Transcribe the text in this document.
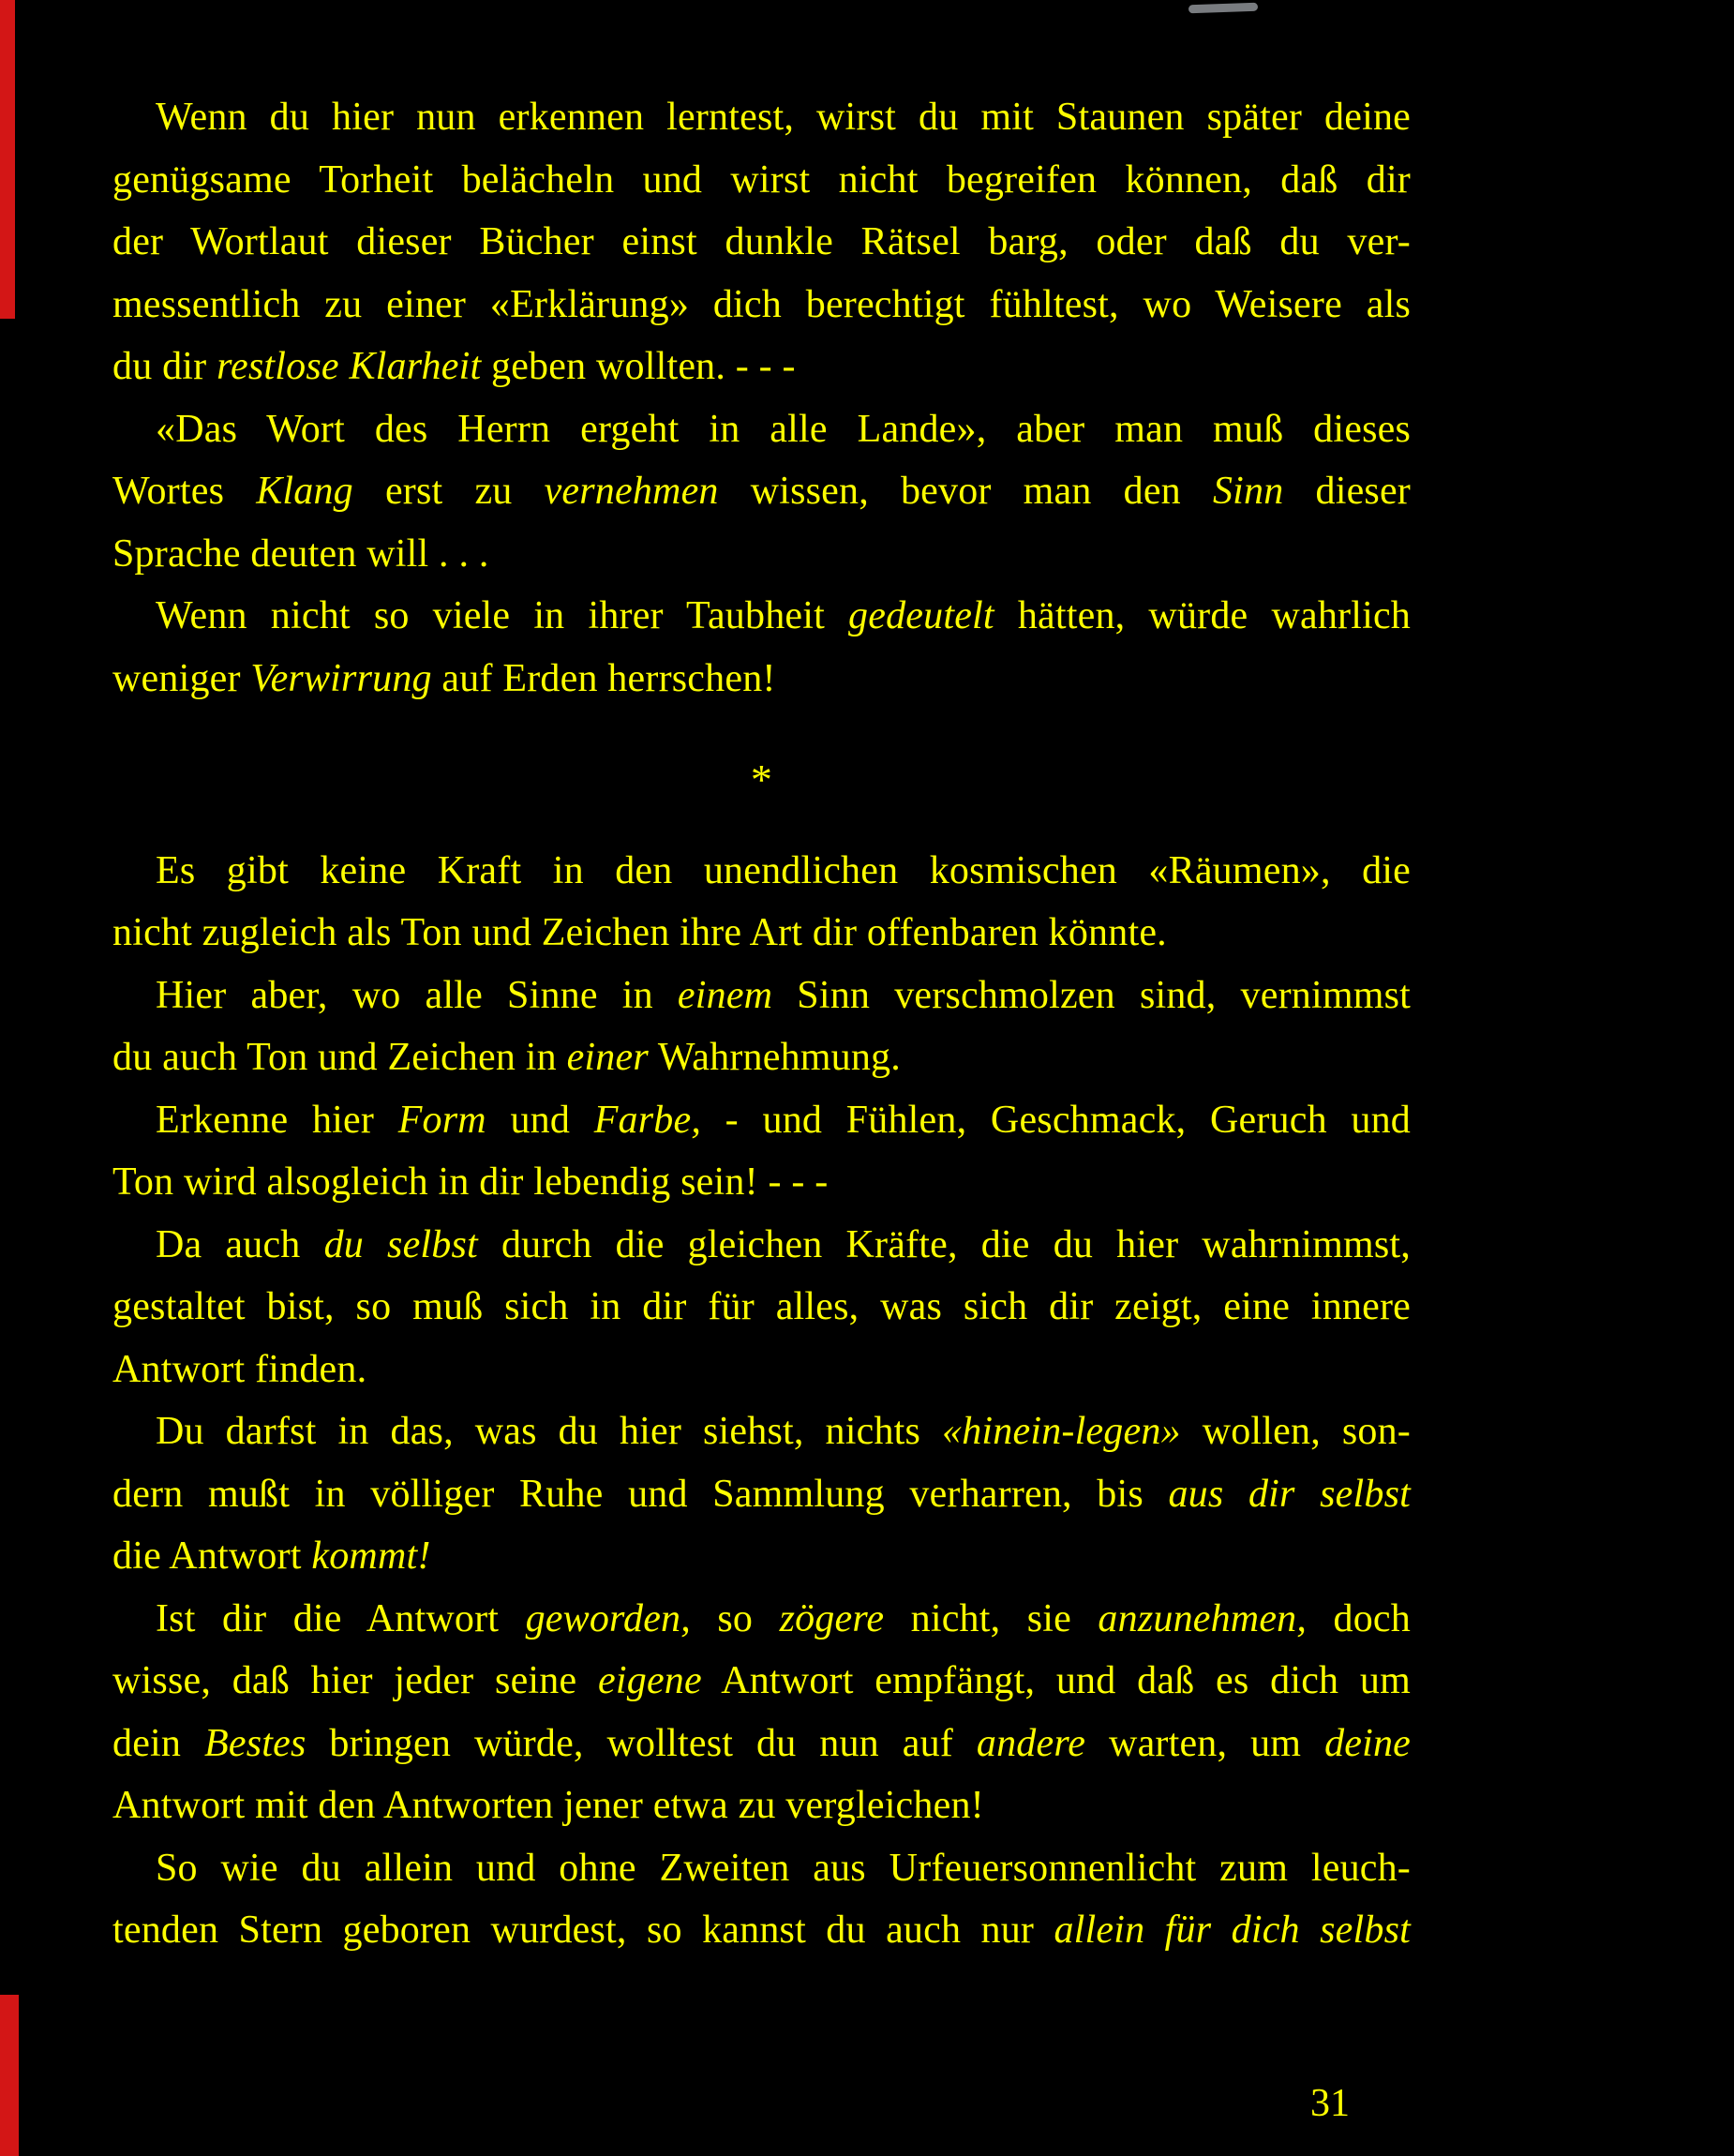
Wenn du hier nun erkennen lerntest, wirst du mit Staunen später deine
genügsame Torheit belächeln und wirst nicht begreifen können, daß dir
der Wortlaut dieser Bücher einst dunkle Rätsel barg, oder daß du ver-
messentlich zu einer «Erklärung» dich berechtigt fühltest, wo Weisere als
du dir restlose Klarheit geben wollten. - - -
«Das Wort des Herrn ergeht in alle Lande», aber man muß dieses
Wortes Klang erst zu vernehmen wissen, bevor man den Sinn dieser
Sprache deuten will . . .
Wenn nicht so viele in ihrer Taubheit gedeutelt hätten, würde wahrlich
weniger Verwirrung auf Erden herrschen!
*
Es gibt keine Kraft in den unendlichen kosmischen «Räumen», die
nicht zugleich als Ton und Zeichen ihre Art dir offenbaren könnte.
Hier aber, wo alle Sinne in einem Sinn verschmolzen sind, vernimmst
du auch Ton und Zeichen in einer Wahrnehmung.
Erkenne hier Form und Farbe, - und Fühlen, Geschmack, Geruch und
Ton wird alsogleich in dir lebendig sein! - - -
Da auch du selbst durch die gleichen Kräfte, die du hier wahrnimmst,
gestaltet bist, so muß sich in dir für alles, was sich dir zeigt, eine innere
Antwort finden.
Du darfst in das, was du hier siehst, nichts «hinein-legen» wollen, son-
dern mußt in völliger Ruhe und Sammlung verharren, bis aus dir selbst
die Antwort kommt!
Ist dir die Antwort geworden, so zögere nicht, sie anzunehmen, doch
wisse, daß hier jeder seine eigene Antwort empfängt, und daß es dich um
dein Bestes bringen würde, wolltest du nun auf andere warten, um deine
Antwort mit den Antworten jener etwa zu vergleichen!
So wie du allein und ohne Zweiten aus Urfeuersonnenlicht zum leuch-
tenden Stern geboren wurdest, so kannst du auch nur allein für dich selbst
31
